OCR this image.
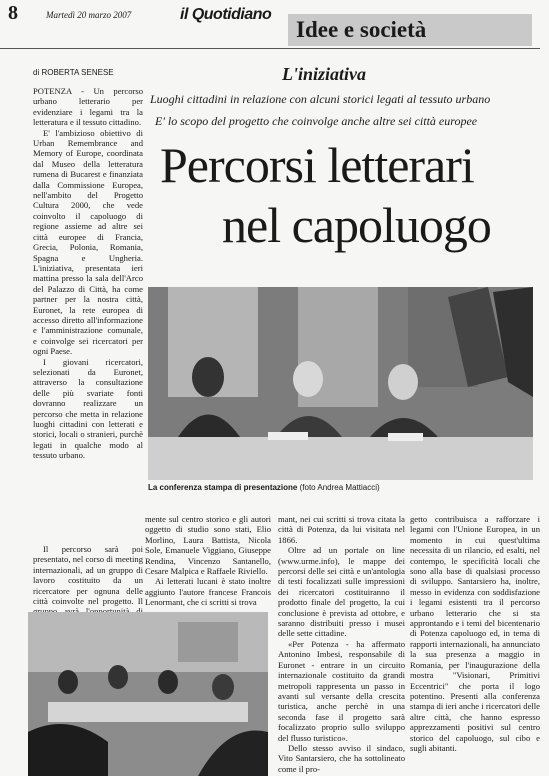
8	Martedì 20 marzo 2007	il Quotidiano
Idee e società
di ROBERTA SENESE	L'iniziativa
Luoghi cittadini in relazione con alcuni storici legati al tessuto urbano
E' lo scopo del progetto che coinvolge anche altre sei città europee
Percorsi letterari
nel capoluogo

POTENZA - Un percorso urbano letterario per evidenziare i legami tra la letteratura e il tessuto cittadino.

E' l'ambizioso obiettivo di Urban Remembrance and Memory of Europe, coordinata dal Museo della letteratura rumena di Bucarest e finanziata dalla Commissione Europea, nell'ambito del Progetto Cultura 2000, che vede coinvolto il capoluogo di regione assieme ad altre sei città europee di Francia, Grecia, Polonia, Romania, Spagna e Ungheria. L'iniziativa, presentata ieri mattina presso la sala dell'Arco del Palazzo di Città, ha come partner per la nostra città, Euronet, la rete europea di accesso diretto all'informazione e l'amministrazione comunale, e coinvolge sei ricercatori per ogni Paese.

I giovani ricercatori, selezionati da Euronet, attraverso la consultazione delle più svariate fonti dovranno realizzare un percorso che metta in relazione luoghi cittadini con letterati e storici, locali o stranieri, purchè legati in qualche modo al tessuto urbano.

La conferenza stampa di presentazione (foto Andrea Mattiacci)

Il percorso sarà poi presentato, nel corso di meeting internazionali, ad un gruppo di lavoro costituito da un ricercatore per ognuna delle città coinvolte nel progetto. Il

mente sul centro storico e gli autori oggetto di studio sono stati, Elio Morlino, Laura Battista, Nicola Sole, Emanuele Viggiano, Giuseppe Rendina, Vincenzo Santanello, Cesare Malpica e Raffaele Riviello.

Ai letterati lucani è stato inoltre aggiunto l'autore francese Francois Lenormant, che ci scritti si trova

mant, nei cui scritti si trova citata la città di Potenza, da lui visitata nel 1866.

Oltre ad un portale on line (www.urme.info), le mappe dei percorsi delle sei città e un'antologia di testi focalizzati sulle impressioni dei ricercatori costituiranno il prodotto finale del progetto, la cui conclusione è prevista ad ottobre, e saranno distribuiti presso i musei delle sette cittadine.

«Per Potenza - ha affermato Antonino Imbesi, responsabile di Euronet - entrare in un circuito internazionale costituito da grandi metropoli rappresenta un passo in avanti sul versante della crescita turistica, anche perchè in una seconda fase il progetto sarà focalizzato proprio sullo sviluppo del flusso turistico».

Dello stesso avviso il sindaco, Vito Santarsiero, che ha sottolineato come il pro-

getto contribuisca a rafforzare i legami con l'Unione Europea, in un momento in cui quest'ultima necessita di un rilancio, ed esalti, nel contempo, le specificità locali che sono alla base di qualsiasi processo di sviluppo. Santarsiero ha, inoltre, messo in evidenza con soddisfazione i legami esistenti tra il percorso urbano letterario che si sta approntando e i temi del bicentenario di Potenza capoluogo ed, in tema di rapporti internazionali, ha annunciato la sua presenza a maggio in Romania, per l'inaugurazione della mostra "Visionari, Primitivi Eccentrici" che porta il logo potentino. Presenti alla conferenza stampa di ieri anche i ricercatori delle altre città, che hanno espresso apprezzamenti positivi sul centro storico del capoluogo, sul cibo e sugli abitanti.
